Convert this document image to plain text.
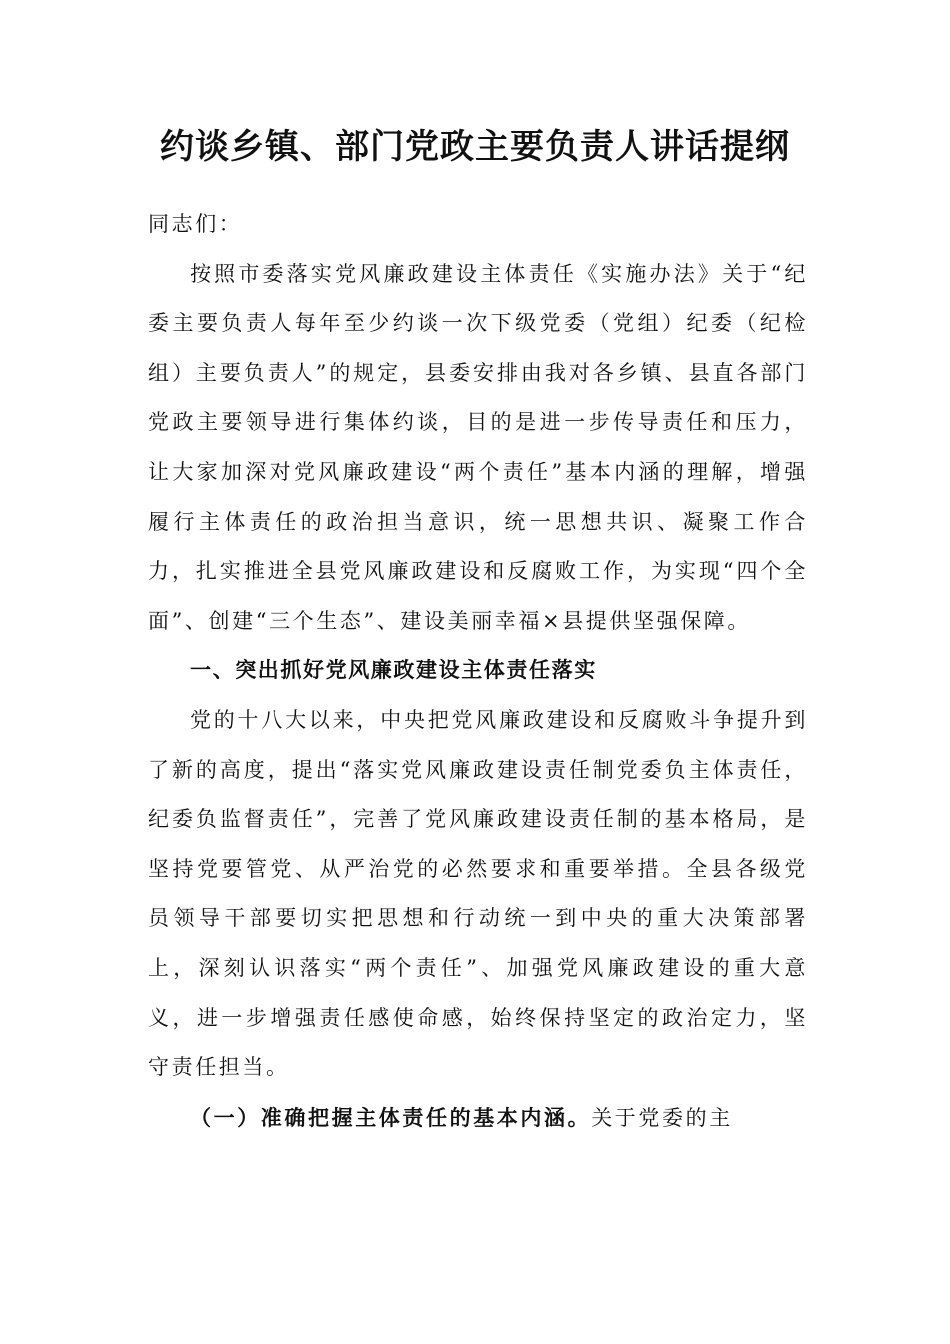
约谈乡镇、部门党政主要负责人讲话提纲

同志们：

按照市委落实党风廉政建设主体责任《实施办法》关于“纪委主要负责人每年至少约谈一次下级党委（党组）纪委（纪检组）主要负责人”的规定，县委安排由我对各乡镇、县直各部门党政主要领导进行集体约谈，目的是进一步传导责任和压力，让大家加深对党风廉政建设“两个责任”基本内涵的理解，增强履行主体责任的政治担当意识，统一思想共识、凝聚工作合力，扎实推进全县党风廉政建设和反腐败工作，为实现“四个全面”、创建“三个生态”、建设美丽幸福×县提供坚强保障。

一、突出抓好党风廉政建设主体责任落实

党的十八大以来，中央把党风廉政建设和反腐败斗争提升到了新的高度，提出“落实党风廉政建设责任制党委负主体责任，纪委负监督责任”，完善了党风廉政建设责任制的基本格局，是坚持党要管党、从严治党的必然要求和重要举措。全县各级党员领导干部要切实把思想和行动统一到中央的重大决策部署上，深刻认识落实“两个责任”、加强党风廉政建设的重大意义，进一步增强责任感使命感，始终保持坚定的政治定力，坚守责任担当。

（一）准确把握主体责任的基本内涵。关于党委的主
